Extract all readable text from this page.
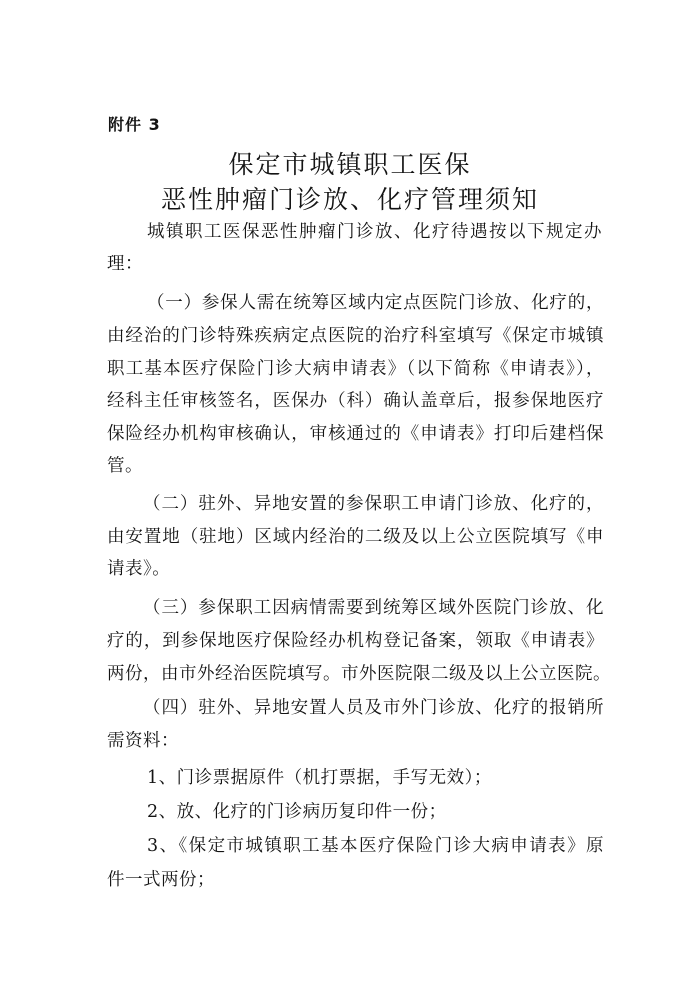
附件 3
保定市城镇职工医保
恶性肿瘤门诊放、化疗管理须知
城镇职工医保恶性肿瘤门诊放、化疗待遇按以下规定办
理：
（一）参保人需在统筹区域内定点医院门诊放、化疗的，
由经治的门诊特殊疾病定点医院的治疗科室填写《保定市城镇
职工基本医疗保险门诊大病申请表》（以下简称《申请表》），
经科主任审核签名，医保办（科）确认盖章后，报参保地医疗
保险经办机构审核确认，审核通过的《申请表》打印后建档保
管。
（二）驻外、异地安置的参保职工申请门诊放、化疗的，
由安置地（驻地）区域内经治的二级及以上公立医院填写《申
请表》。
（三）参保职工因病情需要到统筹区域外医院门诊放、化
疗的，到参保地医疗保险经办机构登记备案，领取《申请表》
两份，由市外经治医院填写。市外医院限二级及以上公立医院。
（四）驻外、异地安置人员及市外门诊放、化疗的报销所
需资料：
1、门诊票据原件（机打票据，手写无效）；
2、放、化疗的门诊病历复印件一份；
3、《保定市城镇职工基本医疗保险门诊大病申请表》原
件一式两份；
